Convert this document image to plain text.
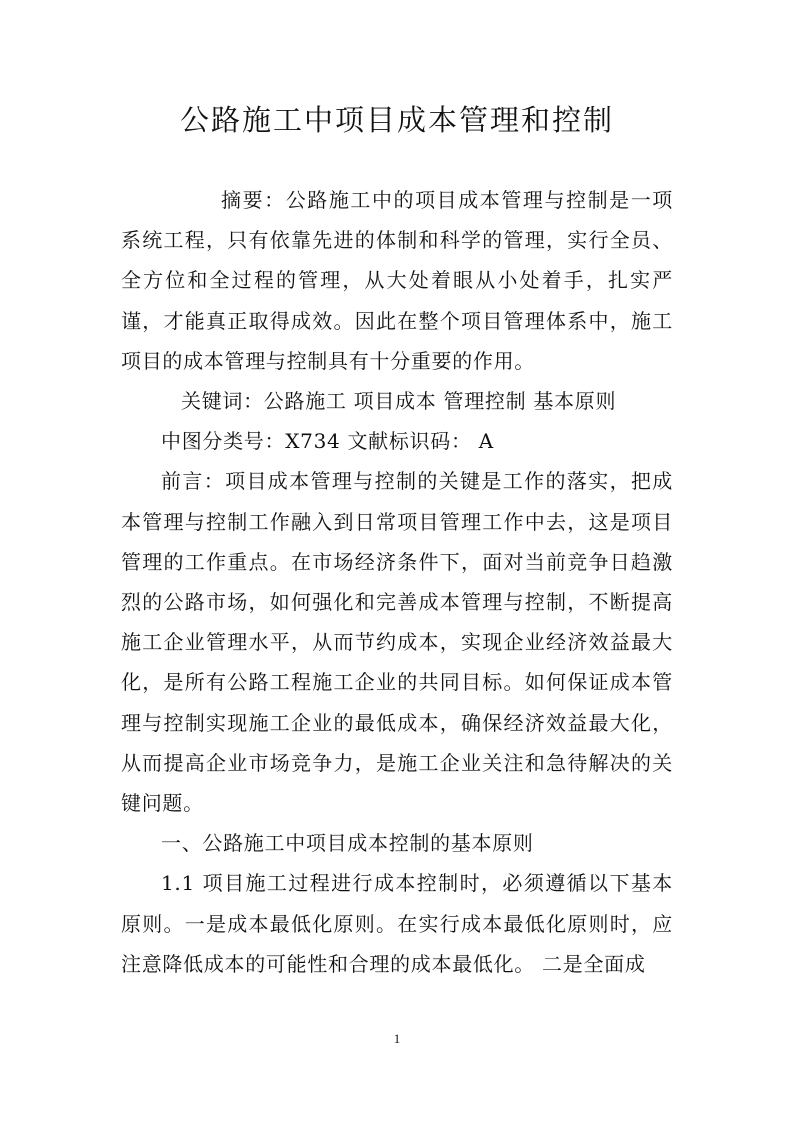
公路施工中项目成本管理和控制

摘要：公路施工中的项目成本管理与控制是一项系统工程，只有依靠先进的体制和科学的管理，实行全员、全方位和全过程的管理，从大处着眼从小处着手，扎实严谨，才能真正取得成效。因此在整个项目管理体系中，施工项目的成本管理与控制具有十分重要的作用。

关键词：公路施工 项目成本 管理控制 基本原则

中图分类号：X734 文献标识码： A

前言：项目成本管理与控制的关键是工作的落实，把成本管理与控制工作融入到日常项目管理工作中去，这是项目管理的工作重点。在市场经济条件下，面对当前竞争日趋激烈的公路市场，如何强化和完善成本管理与控制，不断提高施工企业管理水平，从而节约成本，实现企业经济效益最大化，是所有公路工程施工企业的共同目标。如何保证成本管理与控制实现施工企业的最低成本，确保经济效益最大化，从而提高企业市场竞争力，是施工企业关注和急待解决的关键问题。

一、公路施工中项目成本控制的基本原则

1.1 项目施工过程进行成本控制时，必须遵循以下基本原则。一是成本最低化原则。在实行成本最低化原则时，应注意降低成本的可能性和合理的成本最低化。 二是全面成

1
